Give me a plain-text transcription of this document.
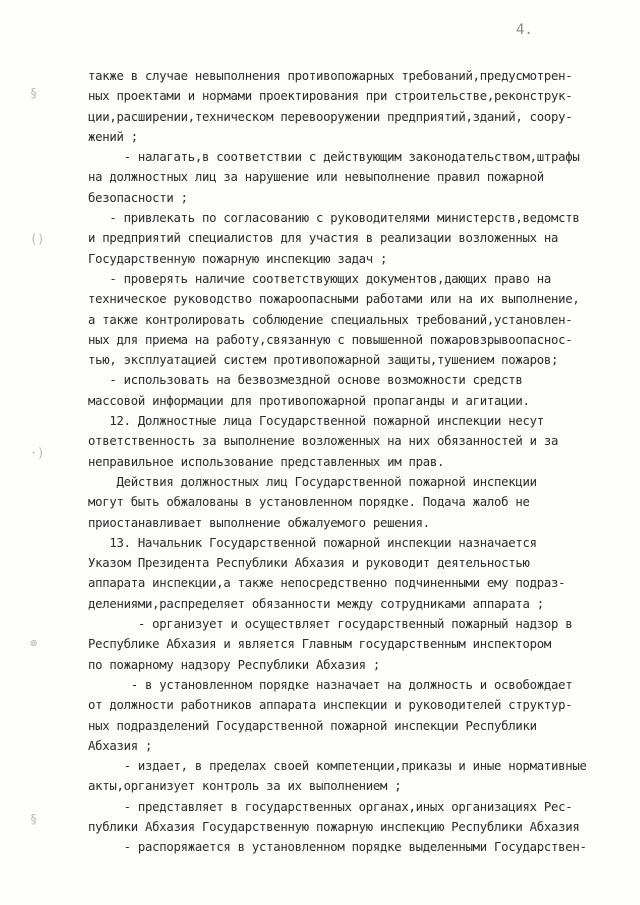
4.
§
()
·)
⊚
§
также в случае невыполнения противопожарных требований,предусмотрен-
ных проектами и нормами проектирования при строительстве,реконструк-
ции,расширении,техническом перевооружении предприятий,зданий, соору-
жений ;
- налагать,в соответствии с действующим законодательством,штрафы
на должностных лиц за нарушение или невыполнение правил пожарной
безопасности ;
- привлекать по согласованию с руководителями министерств,ведомств
и предприятий специалистов для участия в реализации возложенных на
Государственную пожарную инспекцию задач ;
- проверять наличие соответствующих документов,дающих право на
техническое руководство пожароопасными работами или на их выполнение,
а также контролировать соблюдение специальных требований,установлен-
ных для приема на работу,связанную с повышенной пожаровзрывоопаснос-
тью, эксплуатацией систем противопожарной защиты,тушением пожаров;
- использовать на безвозмездной основе возможности средств
массовой информации для противопожарной пропаганды и агитации.
12. Должностные лица Государственной пожарной инспекции несут
ответственность за выполнение возложенных на них обязанностей и за
неправильное использование представленных им прав.
Действия должностных лиц Государственной пожарной инспекции
могут быть обжалованы в установленном порядке. Подача жалоб не
приостанавливает выполнение обжалуемого решения.
13. Начальник Государственной пожарной инспекции назначается
Указом Президента Республики Абхазия и руководит деятельностью
аппарата инспекции,а также непосредственно подчиненными ему подраз-
делениями,распределяет обязанности между сотрудниками аппарата ;
- организует и осуществляет государственный пожарный надзор в
Республике Абхазия и является Главным государственным инспектором
по пожарному надзору Республики Абхазия ;
- в установленном порядке назначает на должность и освобождает
от должности работников аппарата инспекции и руководителей структур-
ных подразделений Государственной пожарной инспекции Республики
Абхазия ;
- издает, в пределах своей компетенции,приказы и иные нормативные
акты,организует контроль за их выполнением ;
- представляет в государственных органах,иных организациях Рес-
публики Абхазия Государственную пожарную инспекцию Республики Абхазия
- распоряжается в установленном порядке выделенными Государствен-
